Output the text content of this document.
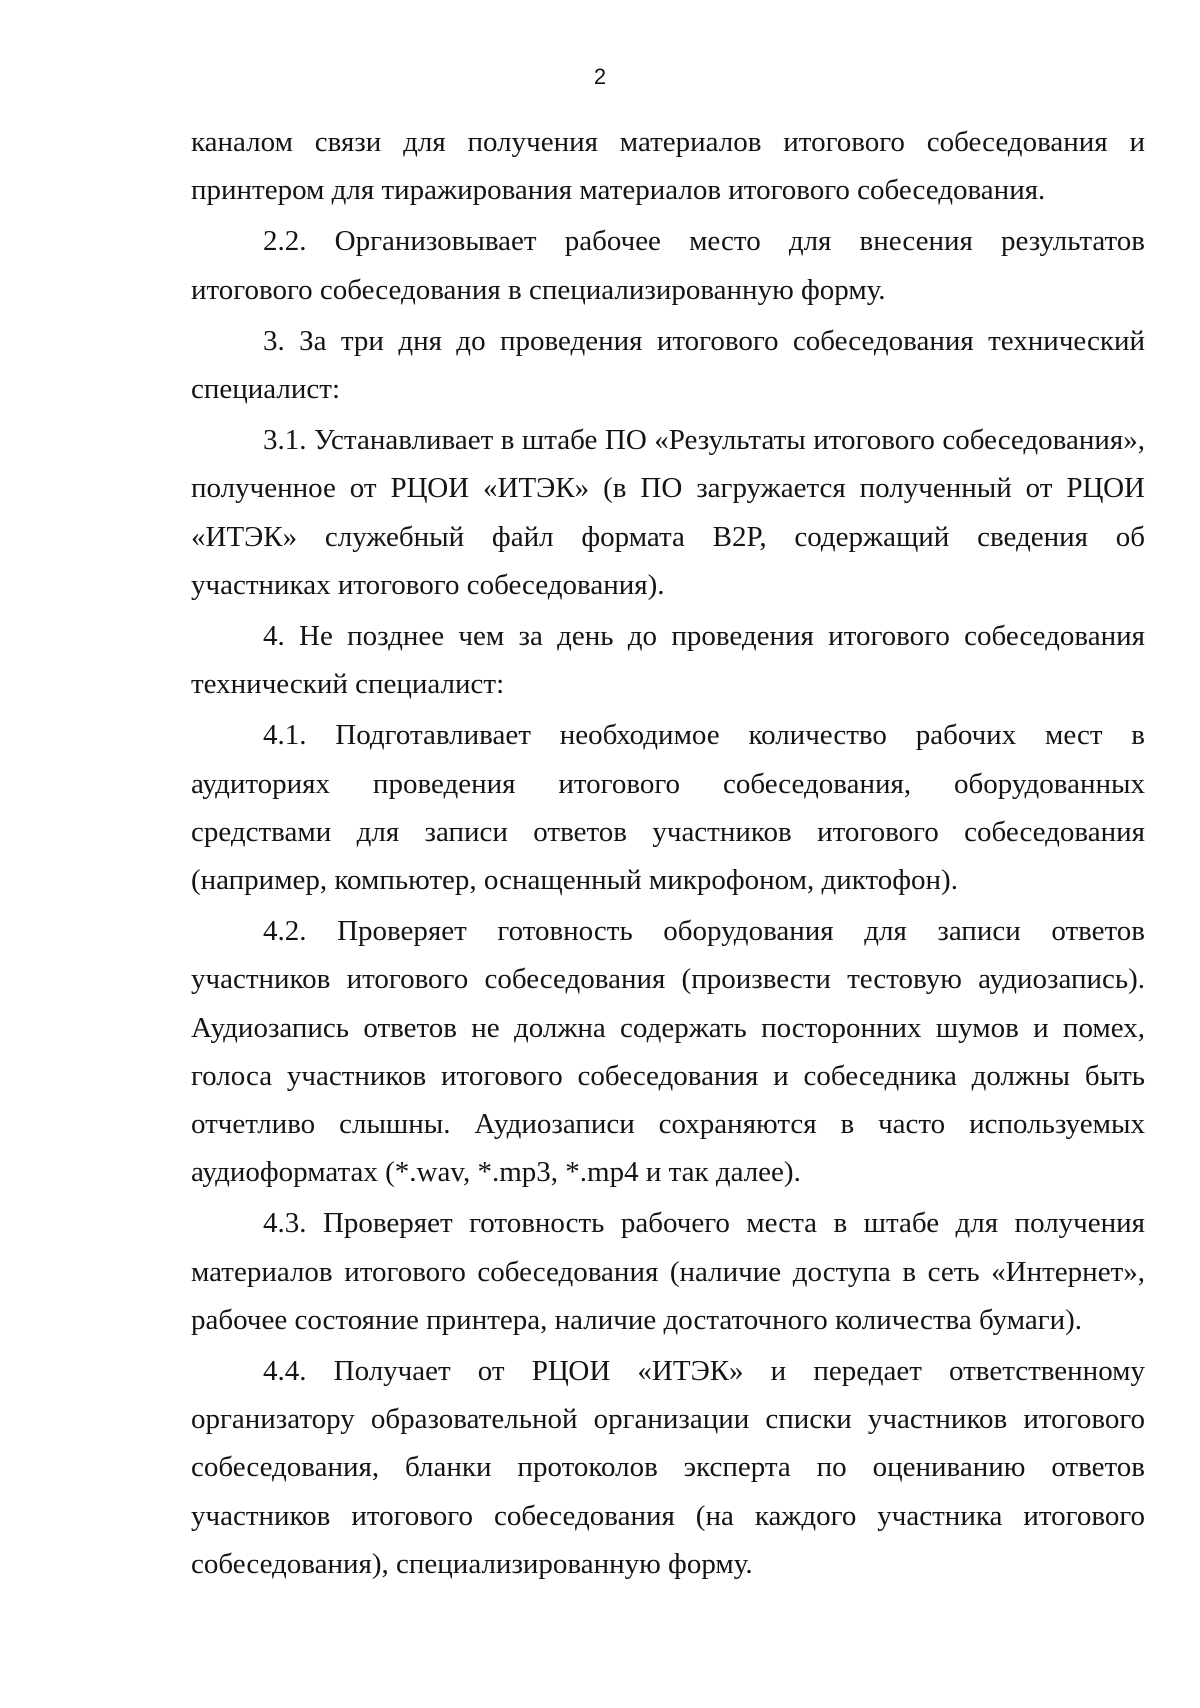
2

каналом связи для получения материалов итогового собеседования и принтером для тиражирования материалов итогового собеседования.

2.2. Организовывает рабочее место для внесения результатов итогового собеседования в специализированную форму.

3. За три дня до проведения итогового собеседования технический специалист:

3.1. Устанавливает в штабе ПО «Результаты итогового собеседования», полученное от РЦОИ «ИТЭК» (в ПО загружается полученный от РЦОИ «ИТЭК» служебный файл формата B2P, содержащий сведения об участниках итогового собеседования).

4. Не позднее чем за день до проведения итогового собеседования технический специалист:

4.1. Подготавливает необходимое количество рабочих мест в аудиториях проведения итогового собеседования, оборудованных средствами для записи ответов участников итогового собеседования (например, компьютер, оснащенный микрофоном, диктофон).

4.2. Проверяет готовность оборудования для записи ответов участников итогового собеседования (произвести тестовую аудиозапись). Аудиозапись ответов не должна содержать посторонних шумов и помех, голоса участников итогового собеседования и собеседника должны быть отчетливо слышны. Аудиозаписи сохраняются в часто используемых аудиоформатах (*.wav, *.mp3, *.mp4 и так далее).

4.3. Проверяет готовность рабочего места в штабе для получения материалов итогового собеседования (наличие доступа в сеть «Интернет», рабочее состояние принтера, наличие достаточного количества бумаги).

4.4. Получает от РЦОИ «ИТЭК» и передает ответственному организатору образовательной организации списки участников итогового собеседования, бланки протоколов эксперта по оцениванию ответов участников итогового собеседования (на каждого участника итогового собеседования), специализированную форму.
